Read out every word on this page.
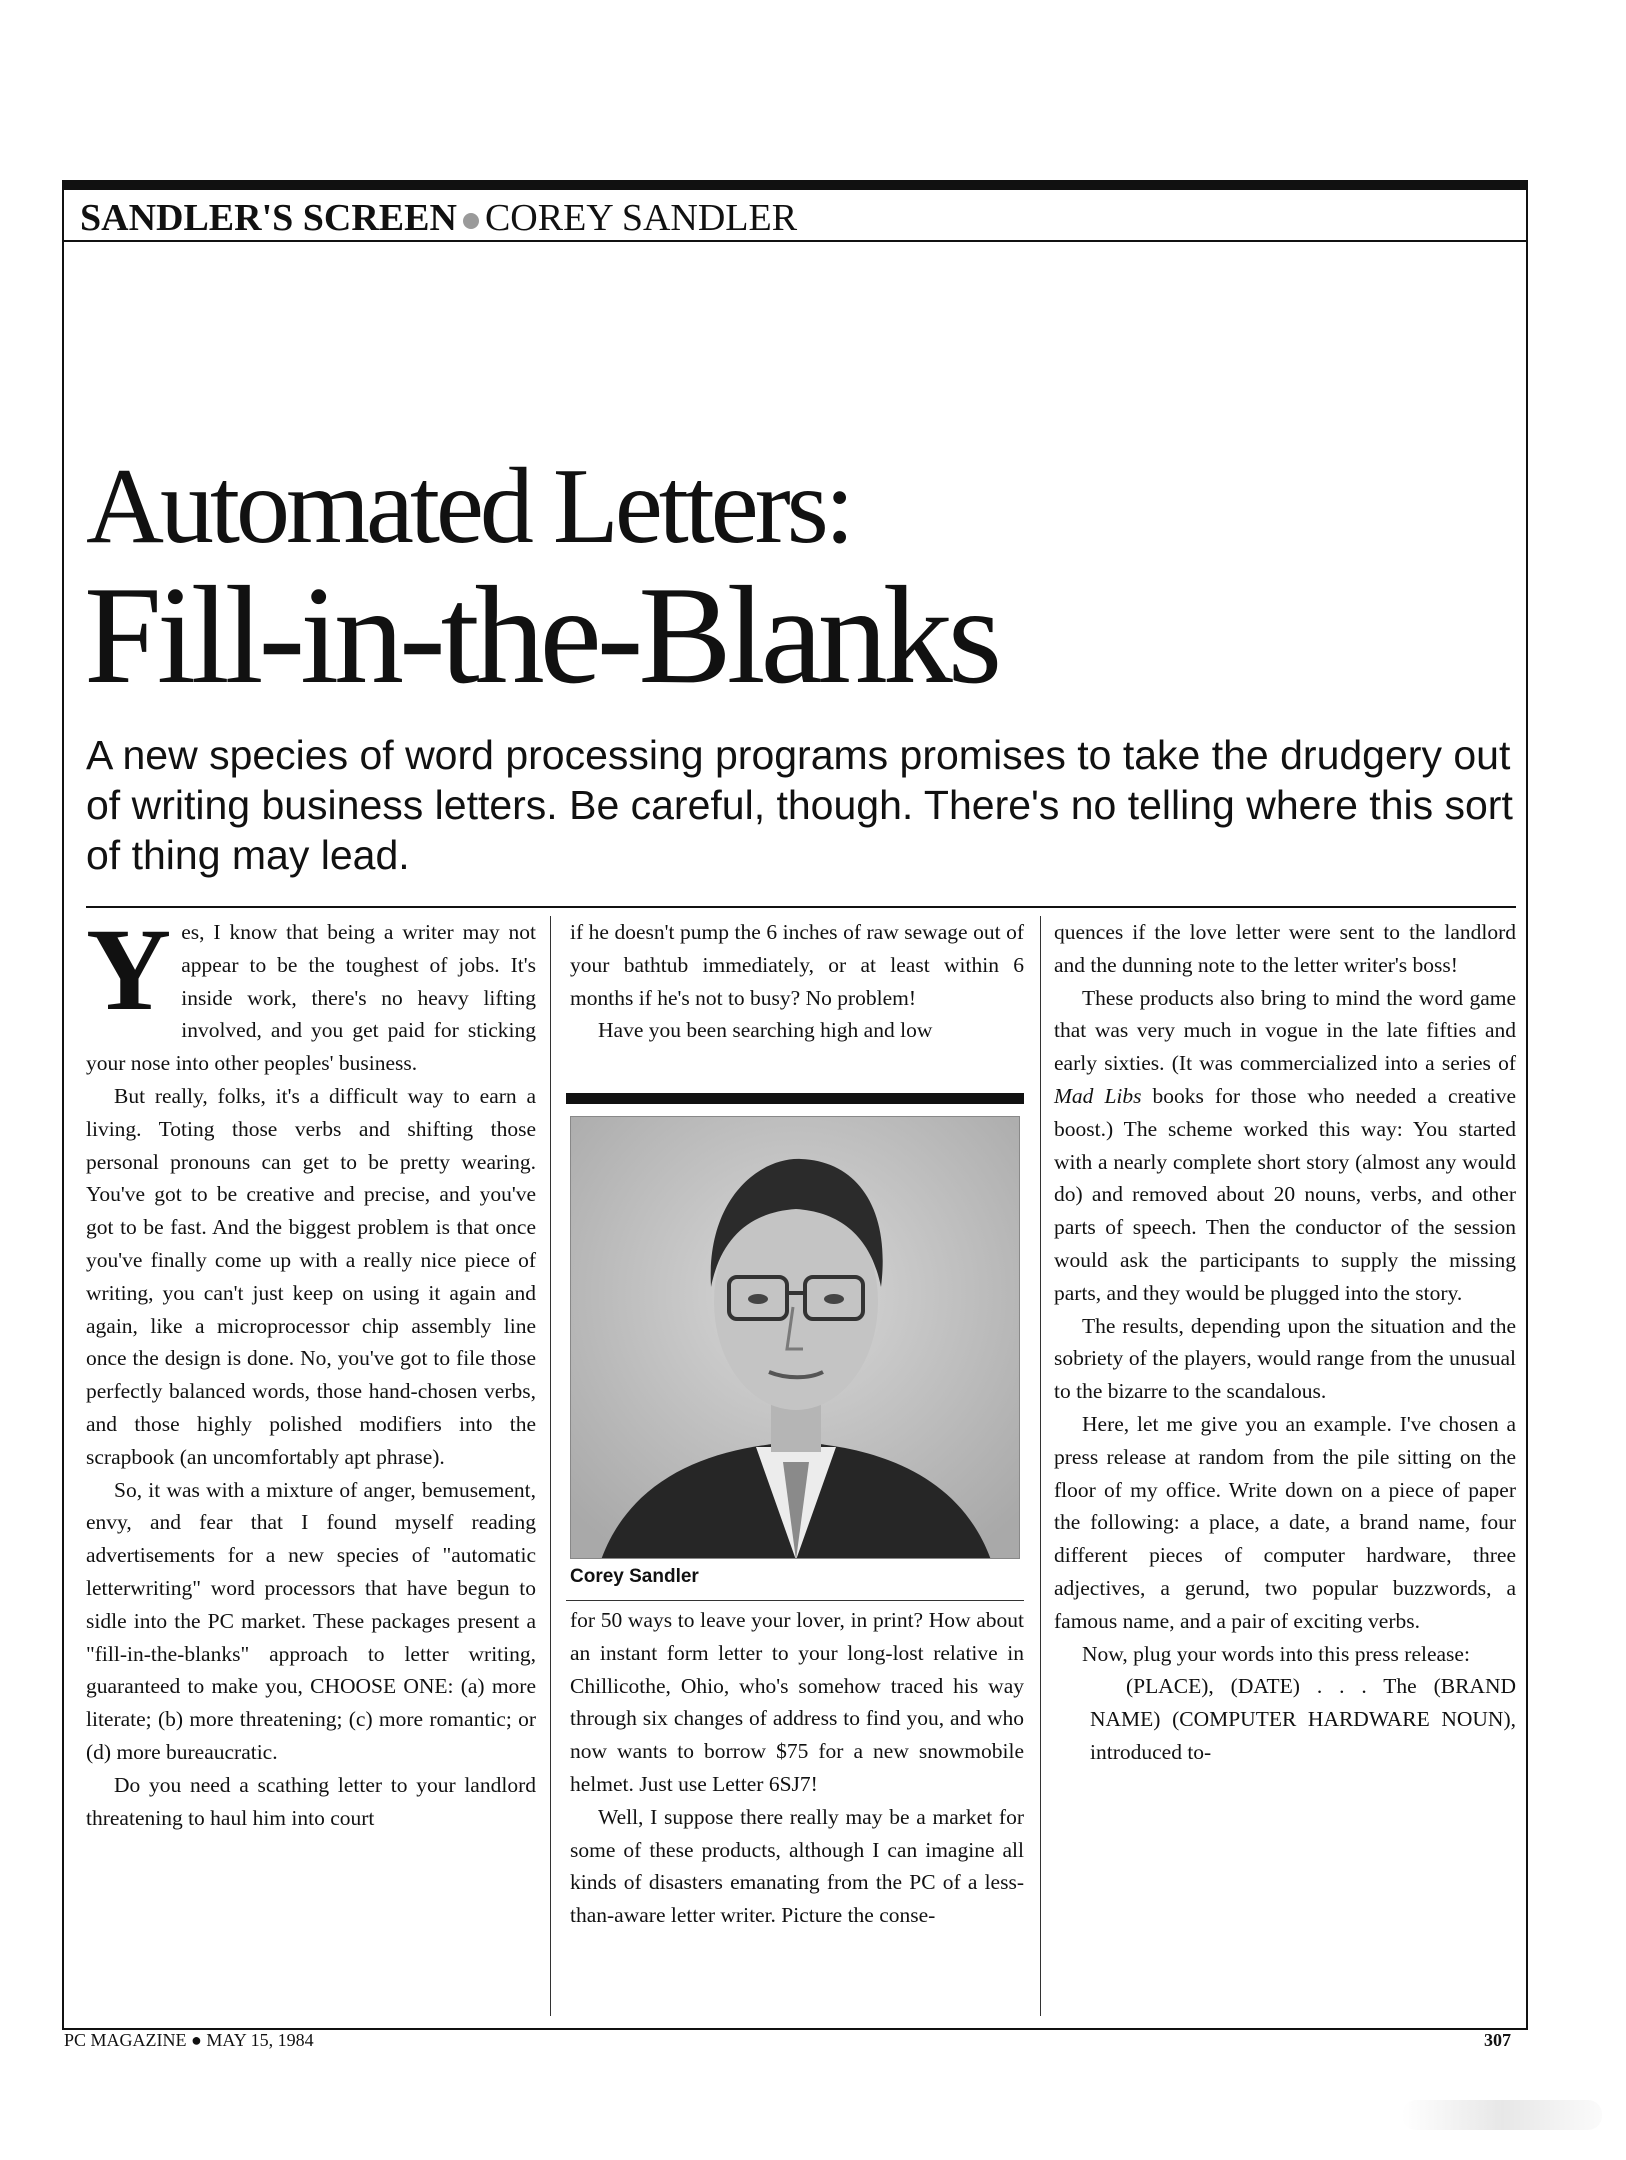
SANDLER'S SCREEN COREY SANDLER
Automated Letters:
Fill-in-the-Blanks
A new species of word processing programs promises to take the drudgery out of writing business letters. Be careful, though. There's no telling where this sort of thing may lead.

Yes, I know that being a writer may not appear to be the toughest of jobs. It's inside work, there's no heavy lifting involved, and you get paid for sticking your nose into other peoples' business.

But really, folks, it's a difficult way to earn a living. Toting those verbs and shifting those personal pronouns can get to be pretty wearing. You've got to be creative and precise, and you've got to be fast. And the biggest problem is that once you've finally come up with a really nice piece of writing, you can't just keep on using it again and again, like a microprocessor chip assembly line once the design is done. No, you've got to file those perfectly balanced words, those hand-chosen verbs, and those highly polished modifiers into the scrapbook (an uncomfortably apt phrase).

So, it was with a mixture of anger, bemusement, envy, and fear that I found myself reading advertisements for a new species of "automatic letterwriting" word processors that have begun to sidle into the PC market. These packages present a "fill-in-the-blanks" approach to letter writing, guaranteed to make you, CHOOSE ONE: (a) more literate; (b) more threatening; (c) more romantic; or (d) more bureaucratic.

Do you need a scathing letter to your landlord threatening to haul him into court

if he doesn't pump the 6 inches of raw sewage out of your bathtub immediately, or at least within 6 months if he's not to busy? No problem!

Have you been searching high and low

Corey Sandler

for 50 ways to leave your lover, in print? How about an instant form letter to your long-lost relative in Chillicothe, Ohio, who's somehow traced his way through six changes of address to find you, and who now wants to borrow $75 for a new snowmobile helmet. Just use Letter 6SJ7!

Well, I suppose there really may be a market for some of these products, although I can imagine all kinds of disasters emanating from the PC of a less-than-aware letter writer. Picture the conse-

quences if the love letter were sent to the landlord and the dunning note to the letter writer's boss!

These products also bring to mind the word game that was very much in vogue in the late fifties and early sixties. (It was commercialized into a series of Mad Libs books for those who needed a creative boost.) The scheme worked this way: You started with a nearly complete short story (almost any would do) and removed about 20 nouns, verbs, and other parts of speech. Then the conductor of the session would ask the participants to supply the missing parts, and they would be plugged into the story.

The results, depending upon the situation and the sobriety of the players, would range from the unusual to the bizarre to the scandalous.

Here, let me give you an example. I've chosen a press release at random from the pile sitting on the floor of my office. Write down on a piece of paper the following: a place, a date, a brand name, four different pieces of computer hardware, three adjectives, a gerund, two popular buzzwords, a famous name, and a pair of exciting verbs.

Now, plug your words into this press release:

(PLACE), (DATE) . . . The (BRAND NAME) (COMPUTER HARDWARE NOUN), introduced to-

PC MAGAZINE ● MAY 15, 1984	307
